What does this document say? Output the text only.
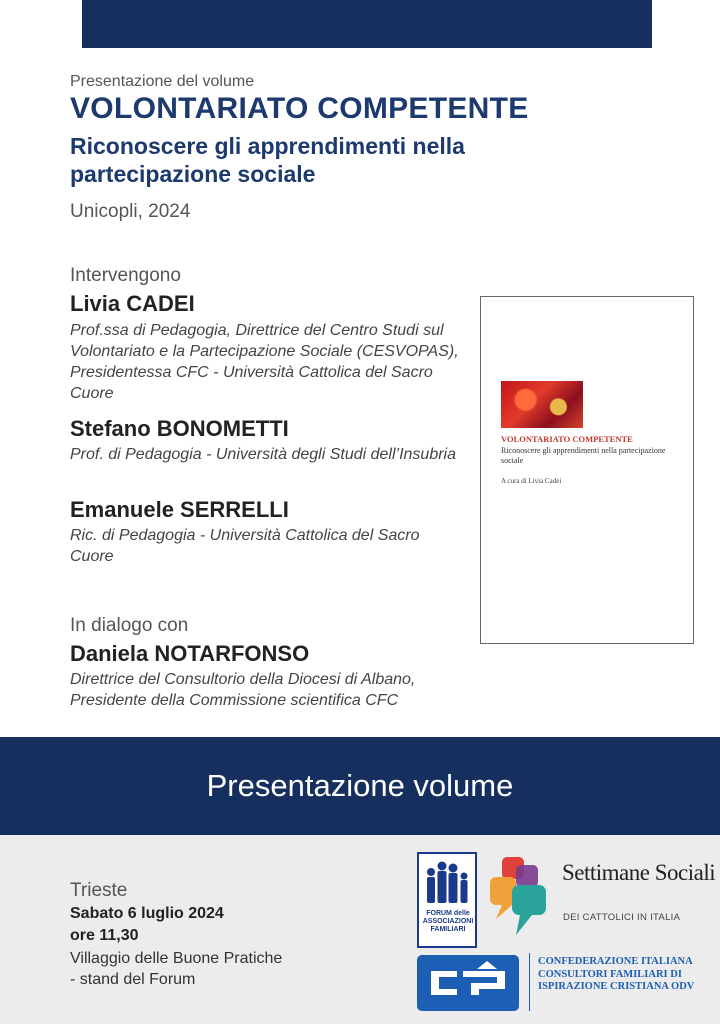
Presentazione del volume
VOLONTARIATO COMPETENTE
Riconoscere gli apprendimenti nella partecipazione sociale
Unicopli, 2024
Intervengono
Livia CADEI
Prof.ssa di Pedagogia, Direttrice del Centro Studi sul Volontariato e la Partecipazione Sociale (CESVOPAS), Presidentessa CFC - Università Cattolica del Sacro Cuore
Stefano BONOMETTI
Prof. di Pedagogia - Università degli Studi dell’Insubria
Emanuele SERRELLI
Ric. di Pedagogia - Università Cattolica del Sacro Cuore
In dialogo con
Daniela NOTARFONSO
Direttrice del Consultorio della Diocesi di Albano, Presidente della Commissione scientifica CFC
VOLONTARIATO COMPETENTE
Riconoscere gli apprendimenti nella partecipazione sociale
A cura di Livia Cadei
Presentazione volume
Trieste
Sabato 6 luglio 2024
ore 11,30
Villaggio delle Buone Pratiche - stand del Forum
FORUM delle ASSOCIAZIONI FAMILIARI
Settimane Sociali
DEI CATTOLICI IN ITALIA
CONFEDERAZIONE ITALIANA CONSULTORI FAMILIARI DI ISPIRAZIONE CRISTIANA ODV
